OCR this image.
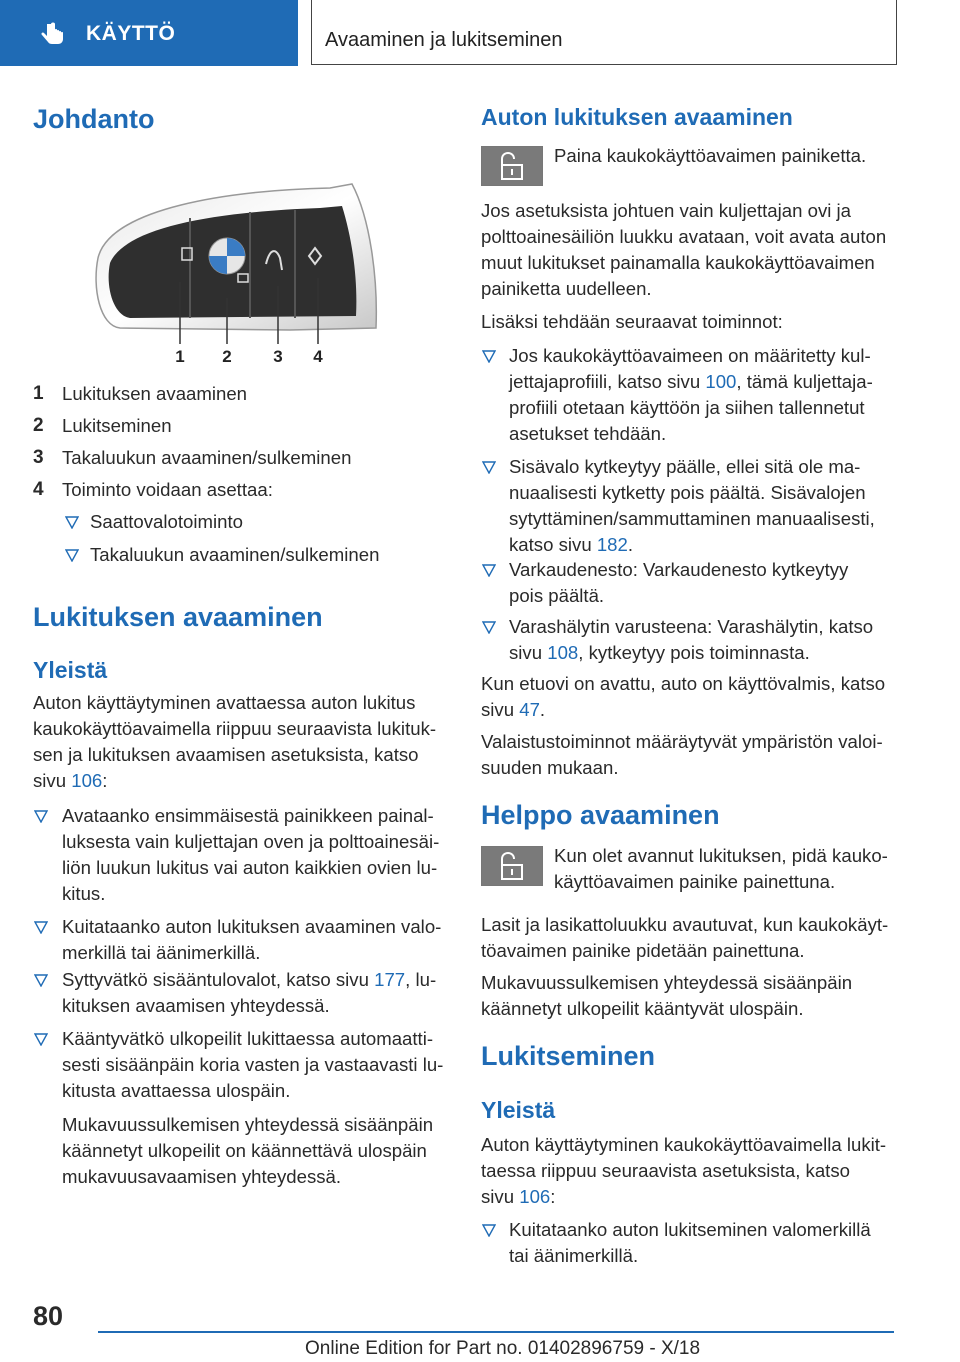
KÄYTTÖ	Avaaminen ja lukitseminen
Johdanto
1 2 3 4
1 Lukituksen avaaminen
2 Lukitseminen
3 Takaluukun avaaminen/sulkeminen
4 Toiminto voidaan asettaa:
Saattovalotoiminto
Takaluukun avaaminen/sulkeminen
Lukituksen avaaminen
Yleistä
Auton käyttäytyminen avattaessa auton lukitus
kaukokäyttöavaimella riippuu seuraavista lukituk-
sen ja lukituksen avaamisen asetuksista, katso
sivu 106:
Avataanko ensimmäisestä painikkeen painal-
luksesta vain kuljettajan oven ja polttoainesäi-
liön luukun lukitus vai auton kaikkien ovien lu-
kitus.
Kuitataanko auton lukituksen avaaminen valo-
merkillä tai äänimerkillä.
Syttyvätkö sisääntulovalot, katso sivu 177, lu-
kituksen avaamisen yhteydessä.
Kääntyvätkö ulkopeilit lukittaessa automaatti-
sesti sisäänpäin koria vasten ja vastaavasti lu-
kitusta avattaessa ulospäin.
Mukavuussulkemisen yhteydessä sisäänpäin
käännetyt ulkopeilit on käännettävä ulospäin
mukavuusavaamisen yhteydessä.
Auton lukituksen avaaminen
Paina kaukokäyttöavaimen painiketta.
Jos asetuksista johtuen vain kuljettajan ovi ja
polttoainesäiliön luukku avataan, voit avata auton
muut lukitukset painamalla kaukokäyttöavaimen
painiketta uudelleen.
Lisäksi tehdään seuraavat toiminnot:
Jos kaukokäyttöavaimeen on määritetty kul-
jettajaprofiili, katso sivu 100, tämä kuljettaja-
profiili otetaan käyttöön ja siihen tallennetut
asetukset tehdään.
Sisävalo kytkeytyy päälle, ellei sitä ole ma-
nuaalisesti kytketty pois päältä. Sisävalojen
sytyttäminen/sammuttaminen manuaalisesti,
katso sivu 182.
Varkaudenesto: Varkaudenesto kytkeytyy
pois päältä.
Varashälytin varusteena: Varashälytin, katso
sivu 108, kytkeytyy pois toiminnasta.
Kun etuovi on avattu, auto on käyttövalmis, katso
sivu 47.
Valaistustoiminnot määräytyvät ympäristön valoi-
suuden mukaan.
Helppo avaaminen
Kun olet avannut lukituksen, pidä kauko-
käyttöavaimen painike painettuna.
Lasit ja lasikattoluukku avautuvat, kun kaukokäyt-
töavaimen painike pidetään painettuna.
Mukavuussulkemisen yhteydessä sisäänpäin
käännetyt ulkopeilit kääntyvät ulospäin.
Lukitseminen
Yleistä
Auton käyttäytyminen kaukokäyttöavaimella lukit-
taessa riippuu seuraavista asetuksista, katso
sivu 106:
Kuitataanko auton lukitseminen valomerkillä
tai äänimerkillä.
80
Online Edition for Part no. 01402896759 - X/18
